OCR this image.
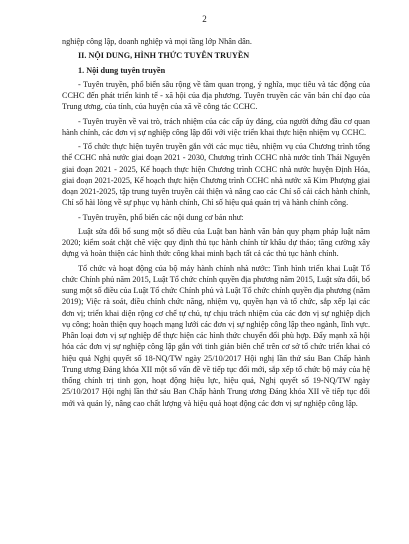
2

nghiệp công lập, doanh nghiệp và mọi tầng lớp Nhân dân.

II. NỘI DUNG, HÌNH THỨC TUYÊN TRUYỀN

1. Nội dung tuyên truyền

- Tuyên truyền, phổ biến sâu rộng về tầm quan trọng, ý nghĩa, mục tiêu và tác động của CCHC đến phát triển kinh tế - xã hội của địa phương. Tuyên truyền các văn bản chỉ đạo của Trung ương, của tỉnh, của huyện của xã về công tác CCHC.

- Tuyên truyền về vai trò, trách nhiệm của các cấp ủy đảng, của người đứng đầu cơ quan hành chính, các đơn vị sự nghiệp công lập đối với việc triển khai thực hiện nhiệm vụ CCHC.

- Tổ chức thực hiện tuyên truyền gắn với các mục tiêu, nhiệm vụ của Chương trình tổng thể CCHC nhà nước giai đoạn 2021 - 2030, Chương trình CCHC nhà nước tỉnh Thái Nguyên giai đoạn 2021 - 2025, Kế hoạch thực hiện Chương trình CCHC nhà nước huyện Định Hóa, giai đoạn 2021-2025, Kế hoạch thực hiện Chương trình CCHC nhà nước xã Kim Phượng giai đoạn 2021-2025, tập trung tuyên truyền cải thiện và nâng cao các Chỉ số cải cách hành chính, Chỉ số hài lòng về sự phục vụ hành chính, Chỉ số hiệu quả quản trị và hành chính công.

- Tuyên truyền, phổ biến các nội dung cơ bản như:

Luật sửa đổi bổ sung một số điều của Luật ban hành văn bản quy phạm pháp luật năm 2020; kiểm soát chặt chẽ việc quy định thủ tục hành chính từ khâu dự thảo; tăng cường xây dựng và hoàn thiện các hình thức công khai minh bạch tất cả các thủ tục hành chính.

Tổ chức và hoạt động của bộ máy hành chính nhà nước: Tình hình triển khai Luật Tổ chức Chính phủ năm 2015, Luật Tổ chức chính quyền địa phương năm 2015, Luật sửa đổi, bổ sung một số điều của Luật Tổ chức Chính phủ và Luật Tổ chức chính quyền địa phương (năm 2019); Việc rà soát, điều chỉnh chức năng, nhiệm vụ, quyền hạn và tổ chức, sắp xếp lại các đơn vị; triển khai diện rộng cơ chế tự chủ, tự chịu trách nhiệm của các đơn vị sự nghiệp dịch vụ công; hoàn thiện quy hoạch mạng lưới các đơn vị sự nghiệp công lập theo ngành, lĩnh vực. Phân loại đơn vị sự nghiệp để thực hiện các hình thức chuyển đổi phù hợp. Đẩy mạnh xã hội hóa các đơn vị sự nghiệp công lập gắn với tinh giản biên chế trên cơ sở tổ chức triển khai có hiệu quả Nghị quyết số 18-NQ/TW ngày 25/10/2017 Hội nghị lần thứ sáu Ban Chấp hành Trung ương Đảng khóa XII một số vấn đề về tiếp tục đổi mới, sắp xếp tổ chức bộ máy của hệ thống chính trị tinh gọn, hoạt động hiệu lực, hiệu quả, Nghị quyết số 19-NQ/TW ngày 25/10/2017 Hội nghị lần thứ sáu Ban Chấp hành Trung ương Đảng khóa XII về tiếp tục đổi mới và quản lý, nâng cao chất lượng và hiệu quả hoạt động các đơn vị sự nghiệp công lập.
